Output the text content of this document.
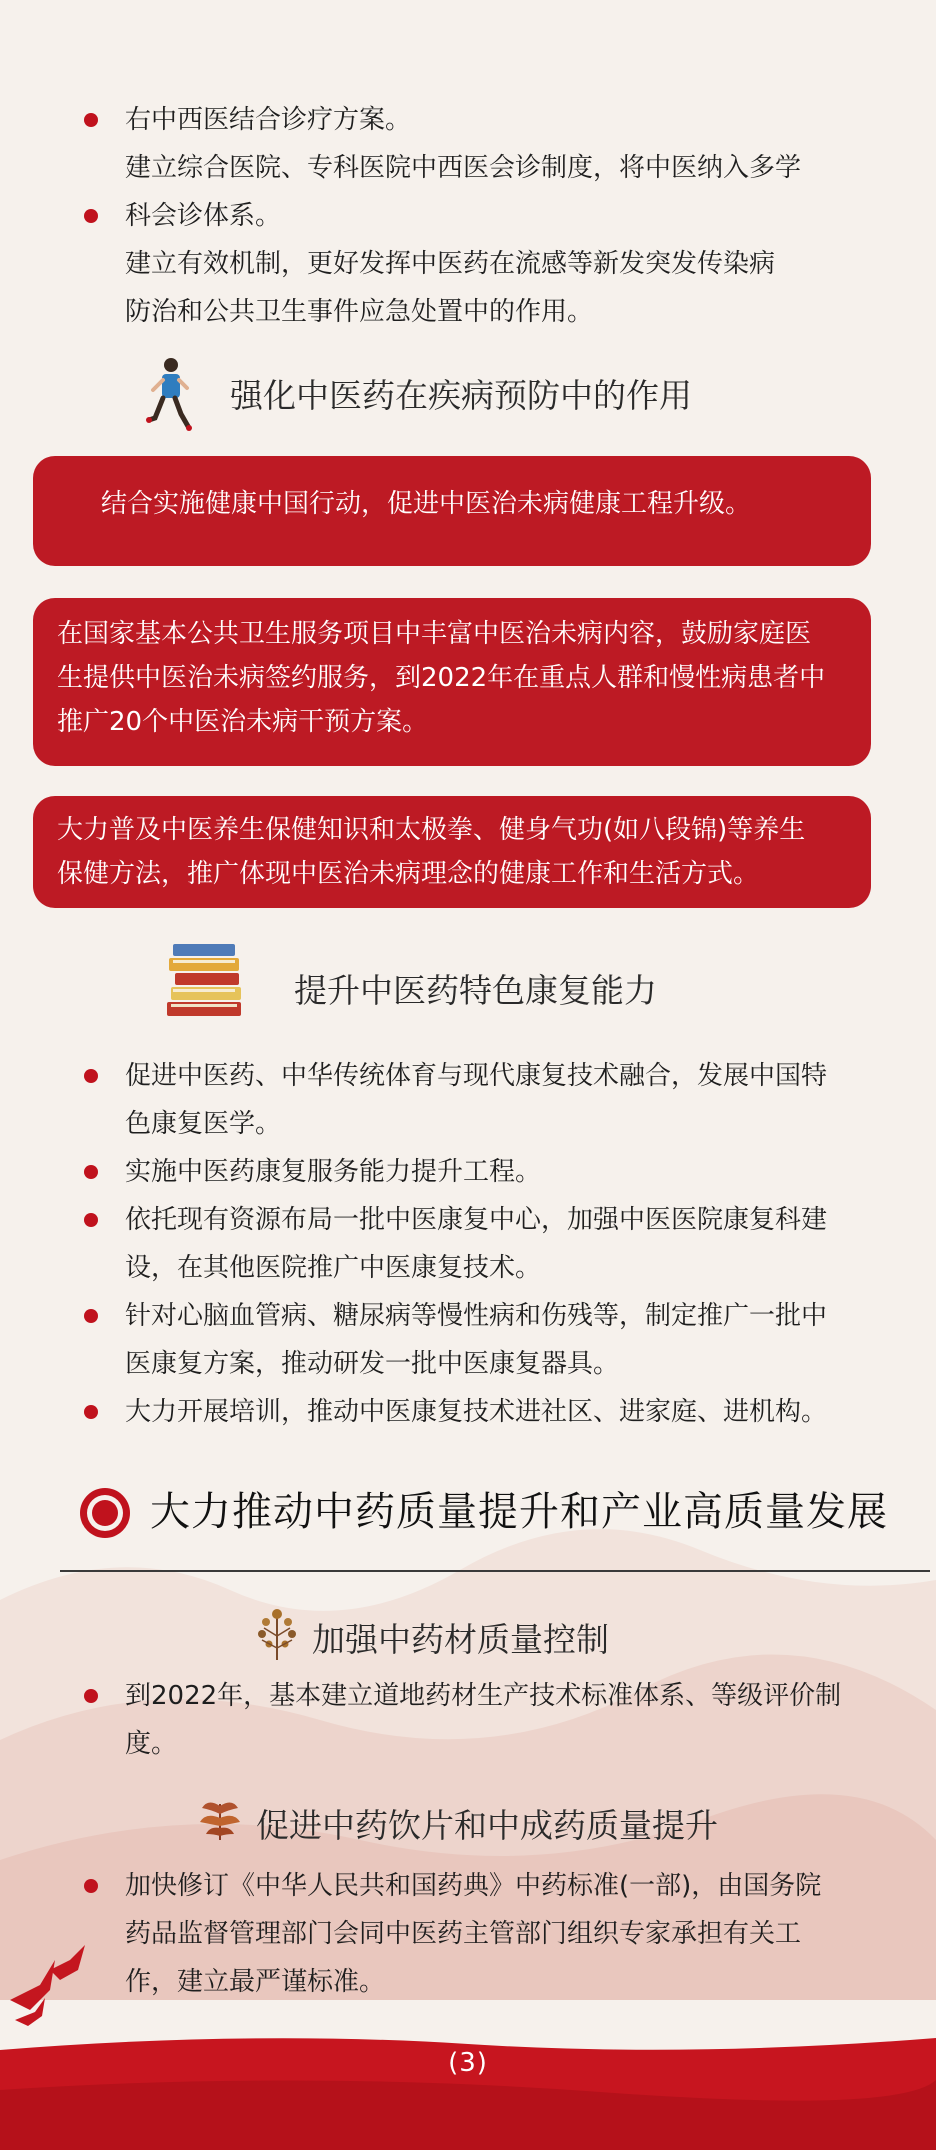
(3)
右中西医结合诊疗方案。
建立综合医院、专科医院中西医会诊制度，将中医纳入多学
科会诊体系。
建立有效机制，更好发挥中医药在流感等新发突发传染病
防治和公共卫生事件应急处置中的作用。
强化中医药在疾病预防中的作用
结合实施健康中国行动，促进中医治未病健康工程升级。
在国家基本公共卫生服务项目中丰富中医治未病内容，鼓励家庭医生提供中医治未病签约服务，到2022年在重点人群和慢性病患者中推广20个中医治未病干预方案。
大力普及中医养生保健知识和太极拳、健身气功(如八段锦)等养生保健方法，推广体现中医治未病理念的健康工作和生活方式。
提升中医药特色康复能力
促进中医药、中华传统体育与现代康复技术融合，发展中国特色康复医学。
实施中医药康复服务能力提升工程。
依托现有资源布局一批中医康复中心，加强中医医院康复科建设，在其他医院推广中医康复技术。
针对心脑血管病、糖尿病等慢性病和伤残等，制定推广一批中医康复方案，推动研发一批中医康复器具。
大力开展培训，推动中医康复技术进社区、进家庭、进机构。
大力推动中药质量提升和产业高质量发展
加强中药材质量控制
到2022年，基本建立道地药材生产技术标准体系、等级评价制度。
促进中药饮片和中成药质量提升
加快修订《中华人民共和国药典》中药标准(一部)，由国务院药品监督管理部门会同中医药主管部门组织专家承担有关工作，建立最严谨标准。
